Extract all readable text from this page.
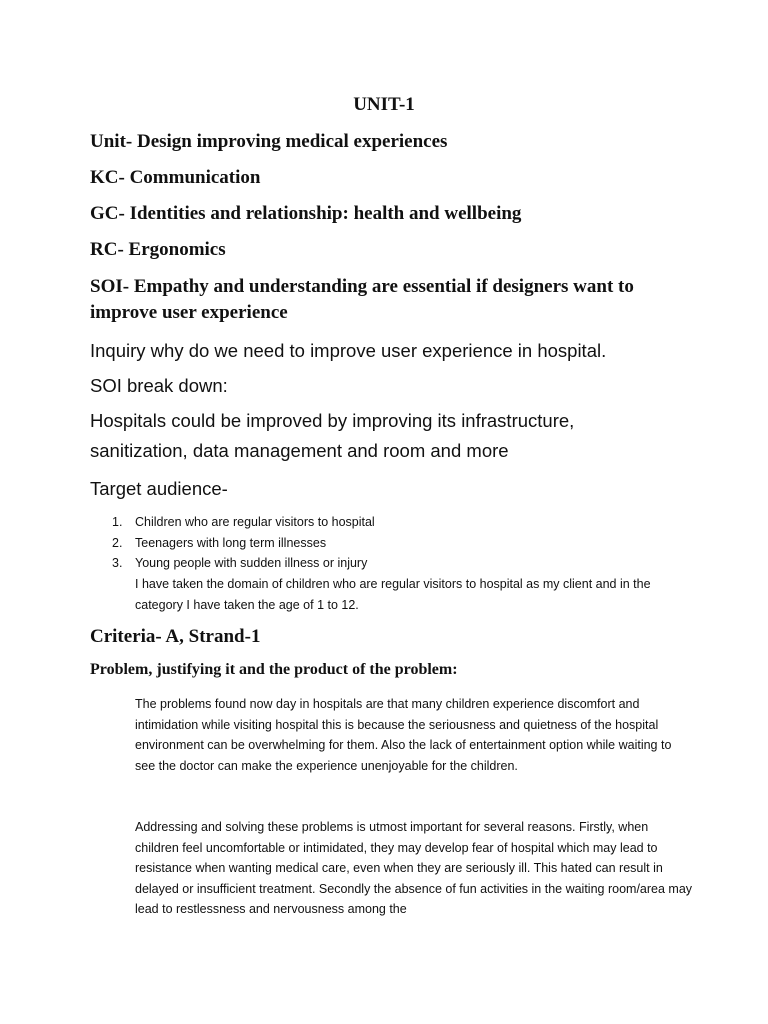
UNIT-1
Unit- Design improving medical experiences
KC- Communication
GC- Identities and relationship: health and wellbeing
RC- Ergonomics
SOI- Empathy and understanding are essential if designers want to improve user experience

Inquiry why do we need to improve user experience in hospital.

SOI break down:

Hospitals could be improved by improving its infrastructure, sanitization, data management and room and more

Target audience-

1. Children who are regular visitors to hospital
2. Teenagers with long term illnesses
3. Young people with sudden illness or injury

I have taken the domain of children who are regular visitors to hospital as my client and in the category I have taken the age of 1 to 12.

Criteria- A, Strand-1
Problem, justifying it and the product of the problem:

The problems found now day in hospitals are that many children experience discomfort and intimidation while visiting hospital this is because the seriousness and quietness of the hospital environment can be overwhelming for them. Also the lack of entertainment option while waiting to see the doctor can make the experience unenjoyable for the children.

Addressing and solving these problems is utmost important for several reasons. Firstly, when children feel uncomfortable or intimidated, they may develop fear of hospital which may lead to resistance when wanting medical care, even when they are seriously ill. This hated can result in delayed or insufficient treatment. Secondly the absence of fun activities in the waiting room/area may lead to restlessness and nervousness among the
